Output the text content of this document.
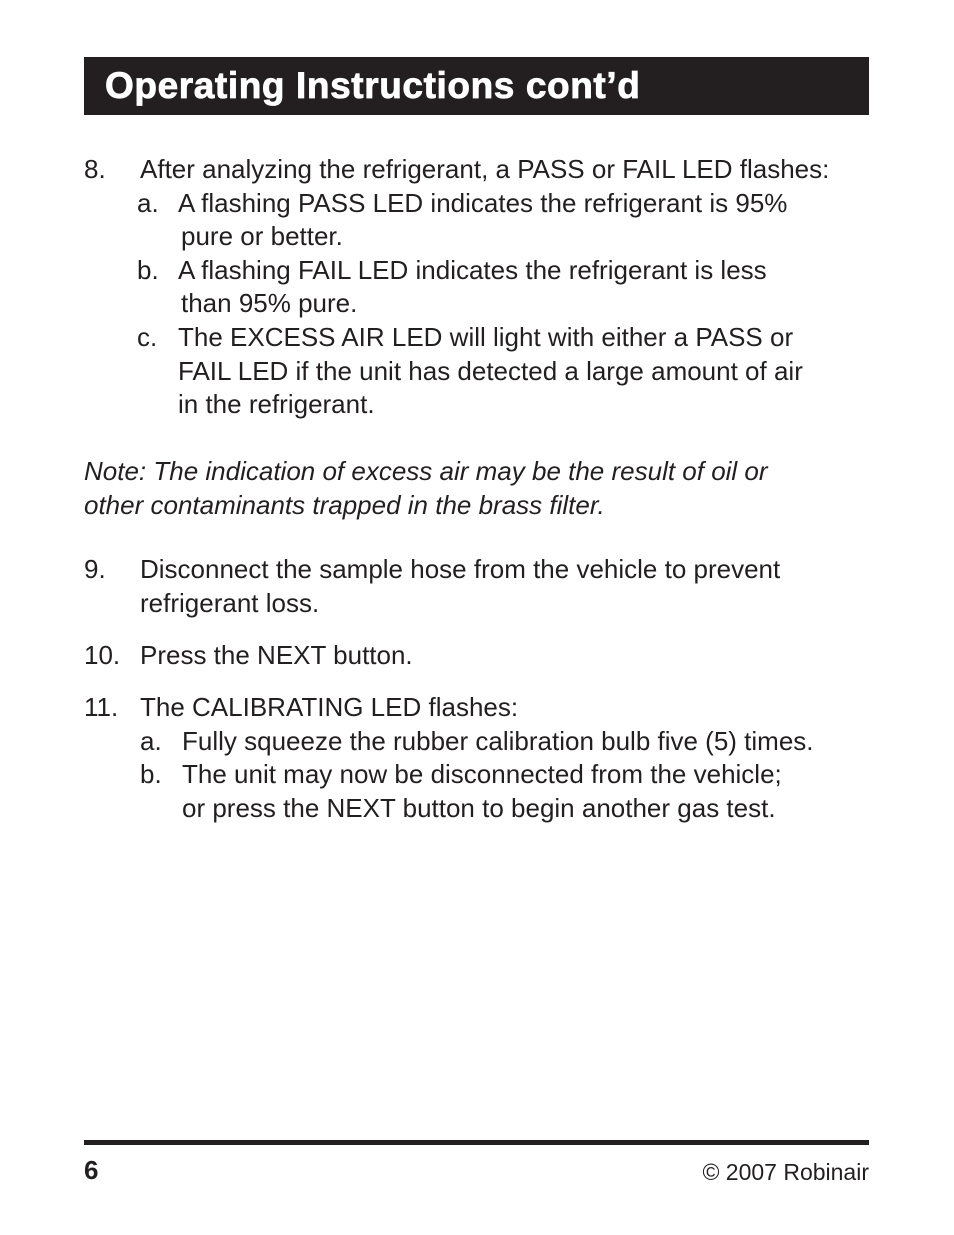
Operating Instructions cont’d
8. After analyzing the refrigerant, a PASS or FAIL LED flashes:
a. A flashing PASS LED indicates the refrigerant is 95%
pure or better.
b. A flashing FAIL LED indicates the refrigerant is less
than 95% pure.
c. The EXCESS AIR LED will light with either a PASS or
FAIL LED if the unit has detected a large amount of air
in the refrigerant.
Note: The indication of excess air may be the result of oil or
other contaminants trapped in the brass filter.
9. Disconnect the sample hose from the vehicle to prevent
refrigerant loss.
10. Press the NEXT button.
11. The CALIBRATING LED flashes:
a. Fully squeeze the rubber calibration bulb five (5) times.
b. The unit may now be disconnected from the vehicle;
or press the NEXT button to begin another gas test.
6	© 2007 Robinair
